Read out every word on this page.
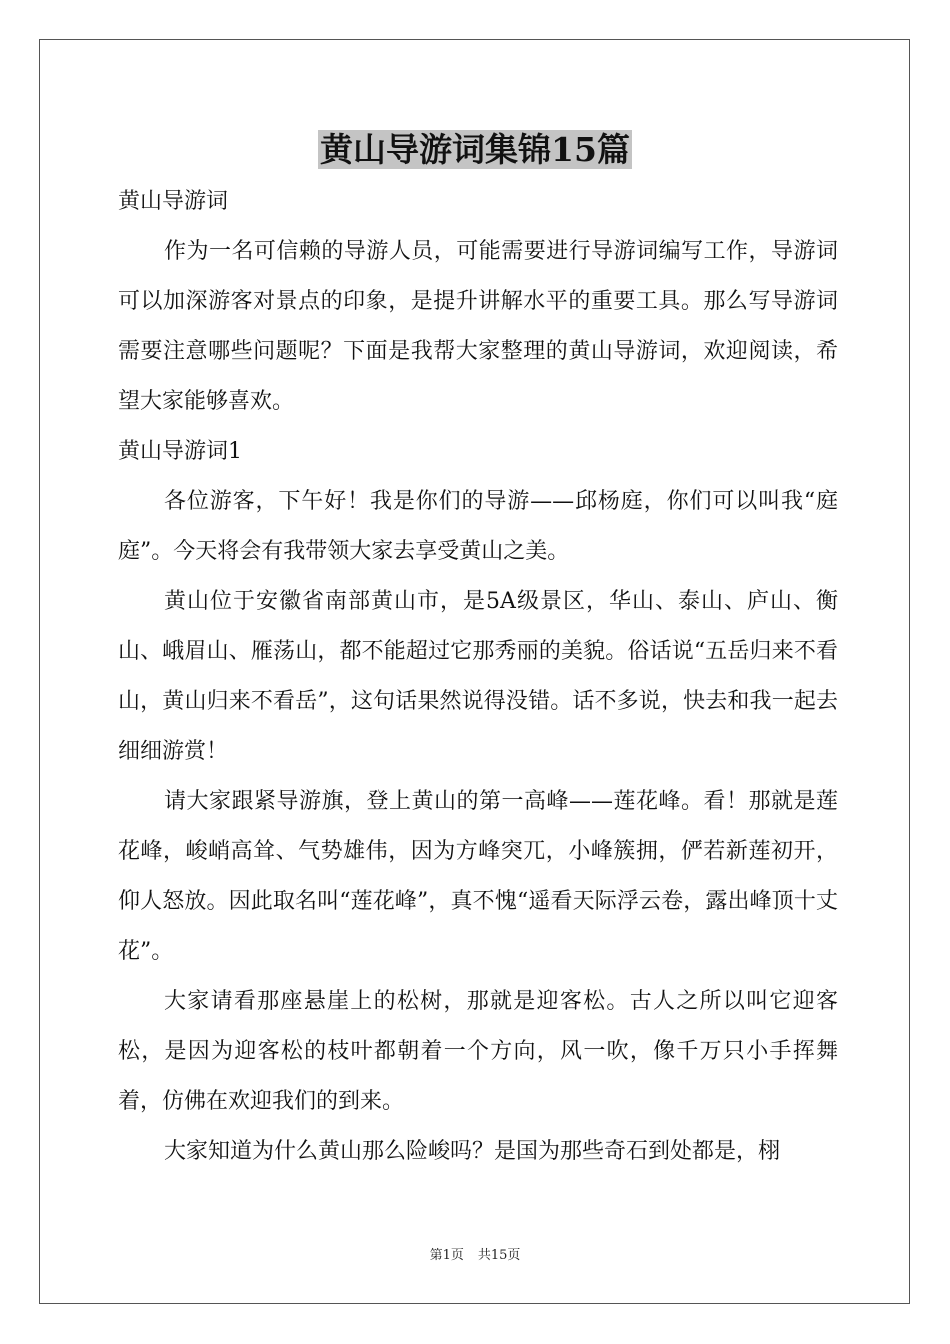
黄山导游词集锦15篇

黄山导游词

作为一名可信赖的导游人员，可能需要进行导游词编写工作，导游词可以加深游客对景点的印象，是提升讲解水平的重要工具。那么写导游词需要注意哪些问题呢？下面是我帮大家整理的黄山导游词，欢迎阅读，希望大家能够喜欢。

黄山导游词1

各位游客，下午好！我是你们的导游——邱杨庭，你们可以叫我“庭庭”。今天将会有我带领大家去享受黄山之美。

黄山位于安徽省南部黄山市，是5A级景区，华山、泰山、庐山、衡山、峨眉山、雁荡山，都不能超过它那秀丽的美貌。俗话说“五岳归来不看山，黄山归来不看岳”，这句话果然说得没错。话不多说，快去和我一起去细细游赏！

请大家跟紧导游旗，登上黄山的第一高峰——莲花峰。看！那就是莲花峰，峻峭高耸、气势雄伟，因为方峰突兀，小峰簇拥，俨若新莲初开，仰人怒放。因此取名叫“莲花峰”，真不愧“遥看天际浮云卷，露出峰顶十丈花”。

大家请看那座悬崖上的松树，那就是迎客松。古人之所以叫它迎客松，是因为迎客松的枝叶都朝着一个方向，风一吹，像千万只小手挥舞着，仿佛在欢迎我们的到来。

大家知道为什么黄山那么险峻吗？是国为那些奇石到处都是，栩

第1页 共15页
